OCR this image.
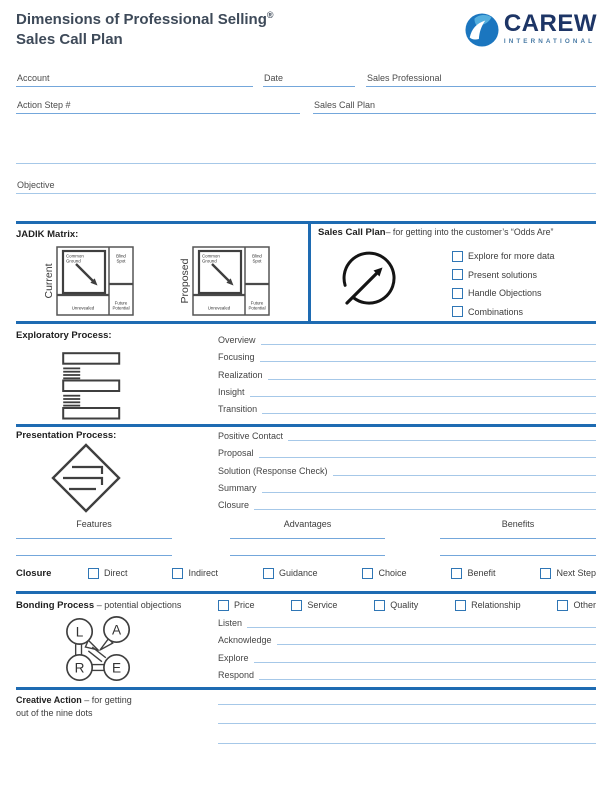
Dimensions of Professional Selling®
Sales Call Plan
CAREW
INTERNATIONAL
Account	Date	Sales Professional
Action Step #	Sales Call Plan
Objective
JADIK Matrix:
Current
Common
Ground
Blind
Spot
Unrevealed
Future
Potential
Proposed
Common
Ground
Blind
Spot
Unrevealed
Future
Potential
Sales Call Plan– for getting into the customer’s “Odds Are”
Explore for more data
Present solutions
Handle Objections
Combinations
Exploratory Process:	Overview
Focusing
Realization
Insight
Transition
Presentation Process:	Positive Contact
Proposal
Solution (Response Check)
Summary
Closure
Features	Advantages	Benefits
Closure	Direct	Indirect	Guidance	Choice	Benefit	Next Step
Bonding Process – potential objections	Price	Service	Quality	Relationship	Other
L A
R E
Listen
Acknowledge
Explore
Respond
Creative Action – for getting
out of the nine dots
